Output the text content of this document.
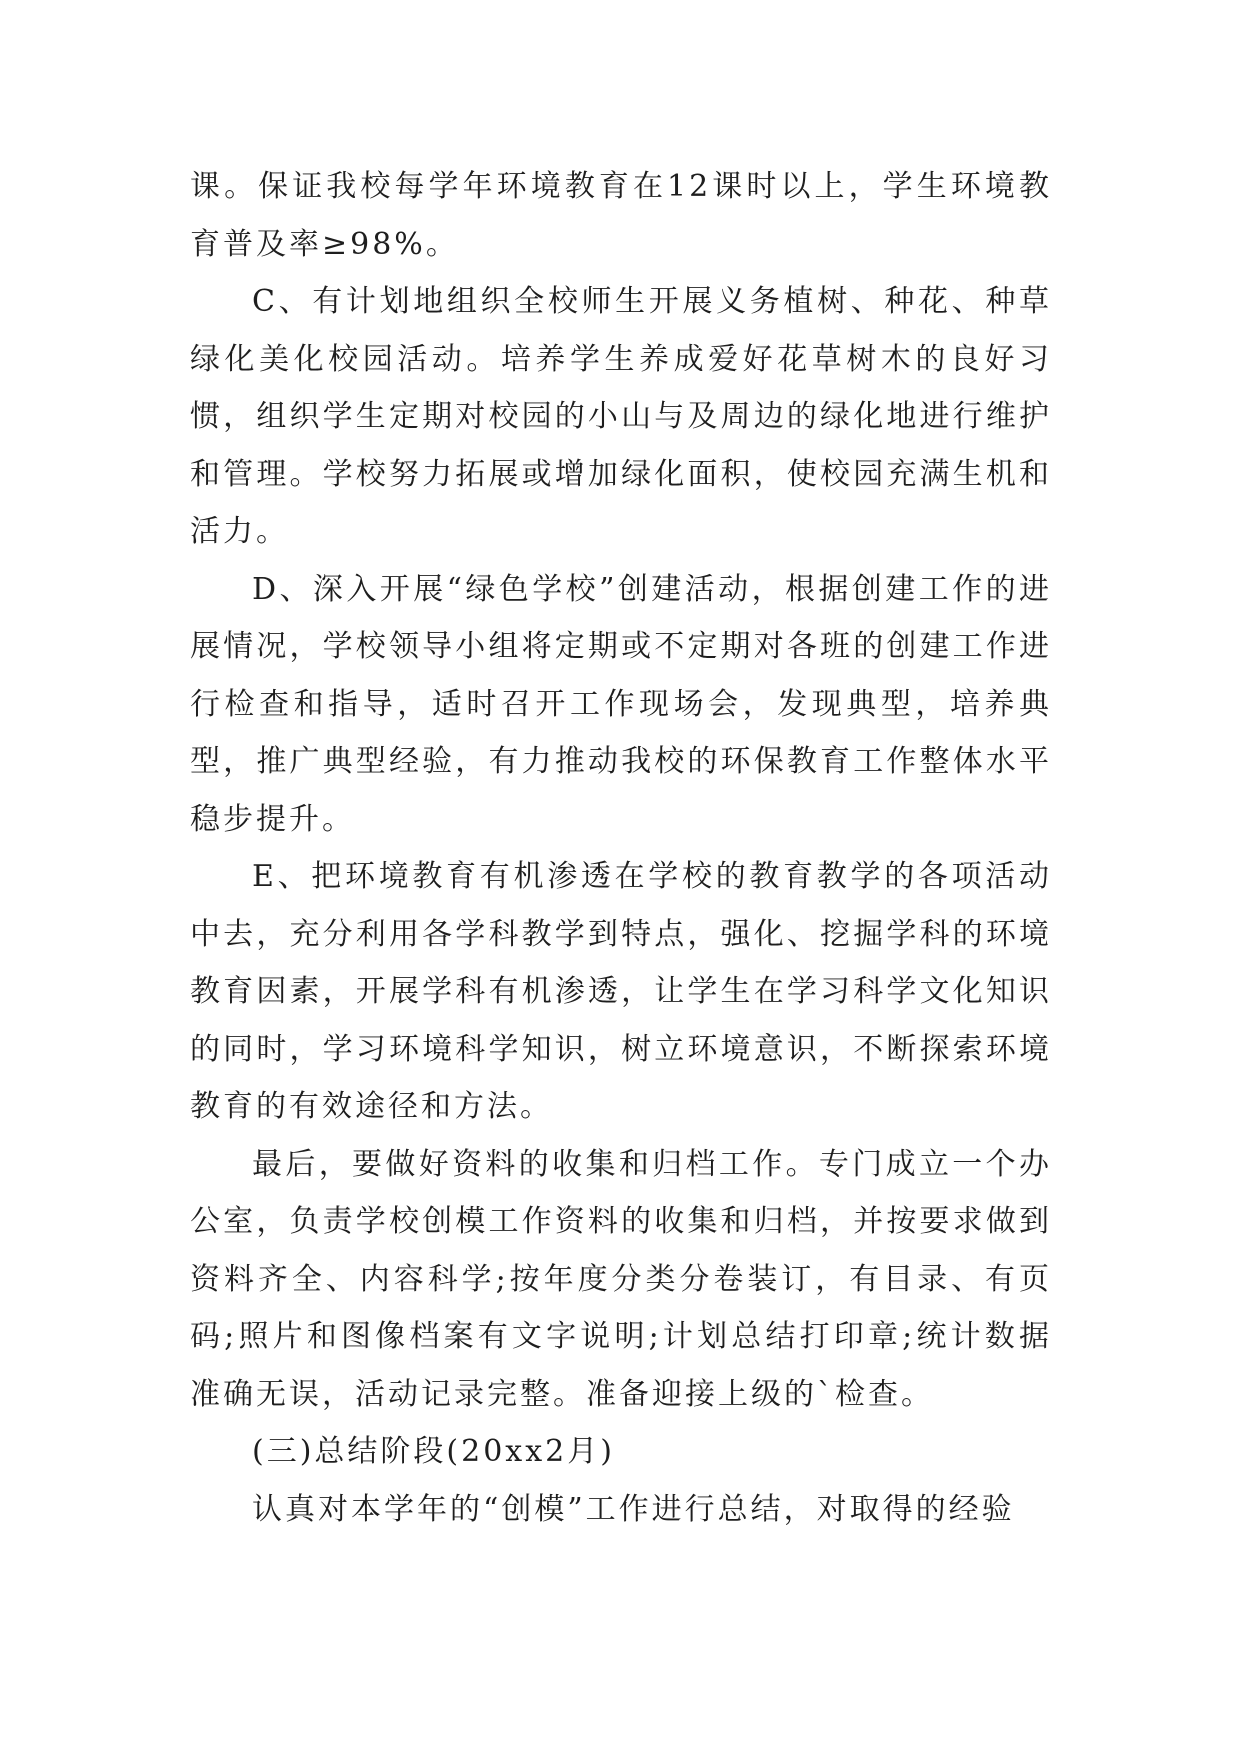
课。保证我校每学年环境教育在12课时以上，学生环境教育普及率≥98%。

C、有计划地组织全校师生开展义务植树、种花、种草绿化美化校园活动。培养学生养成爱好花草树木的良好习惯，组织学生定期对校园的小山与及周边的绿化地进行维护和管理。学校努力拓展或增加绿化面积，使校园充满生机和活力。

D、深入开展“绿色学校”创建活动，根据创建工作的进展情况，学校领导小组将定期或不定期对各班的创建工作进行检查和指导，适时召开工作现场会，发现典型，培养典型，推广典型经验，有力推动我校的环保教育工作整体水平稳步提升。

E、把环境教育有机渗透在学校的教育教学的各项活动中去，充分利用各学科教学到特点，强化、挖掘学科的环境教育因素，开展学科有机渗透，让学生在学习科学文化知识的同时，学习环境科学知识，树立环境意识，不断探索环境教育的有效途径和方法。

最后，要做好资料的收集和归档工作。专门成立一个办公室，负责学校创模工作资料的收集和归档，并按要求做到资料齐全、内容科学;按年度分类分卷装订，有目录、有页码;照片和图像档案有文字说明;计划总结打印章;统计数据准确无误，活动记录完整。准备迎接上级的`检查。

(三)总结阶段(20xx2月)

认真对本学年的“创模”工作进行总结，对取得的经验
